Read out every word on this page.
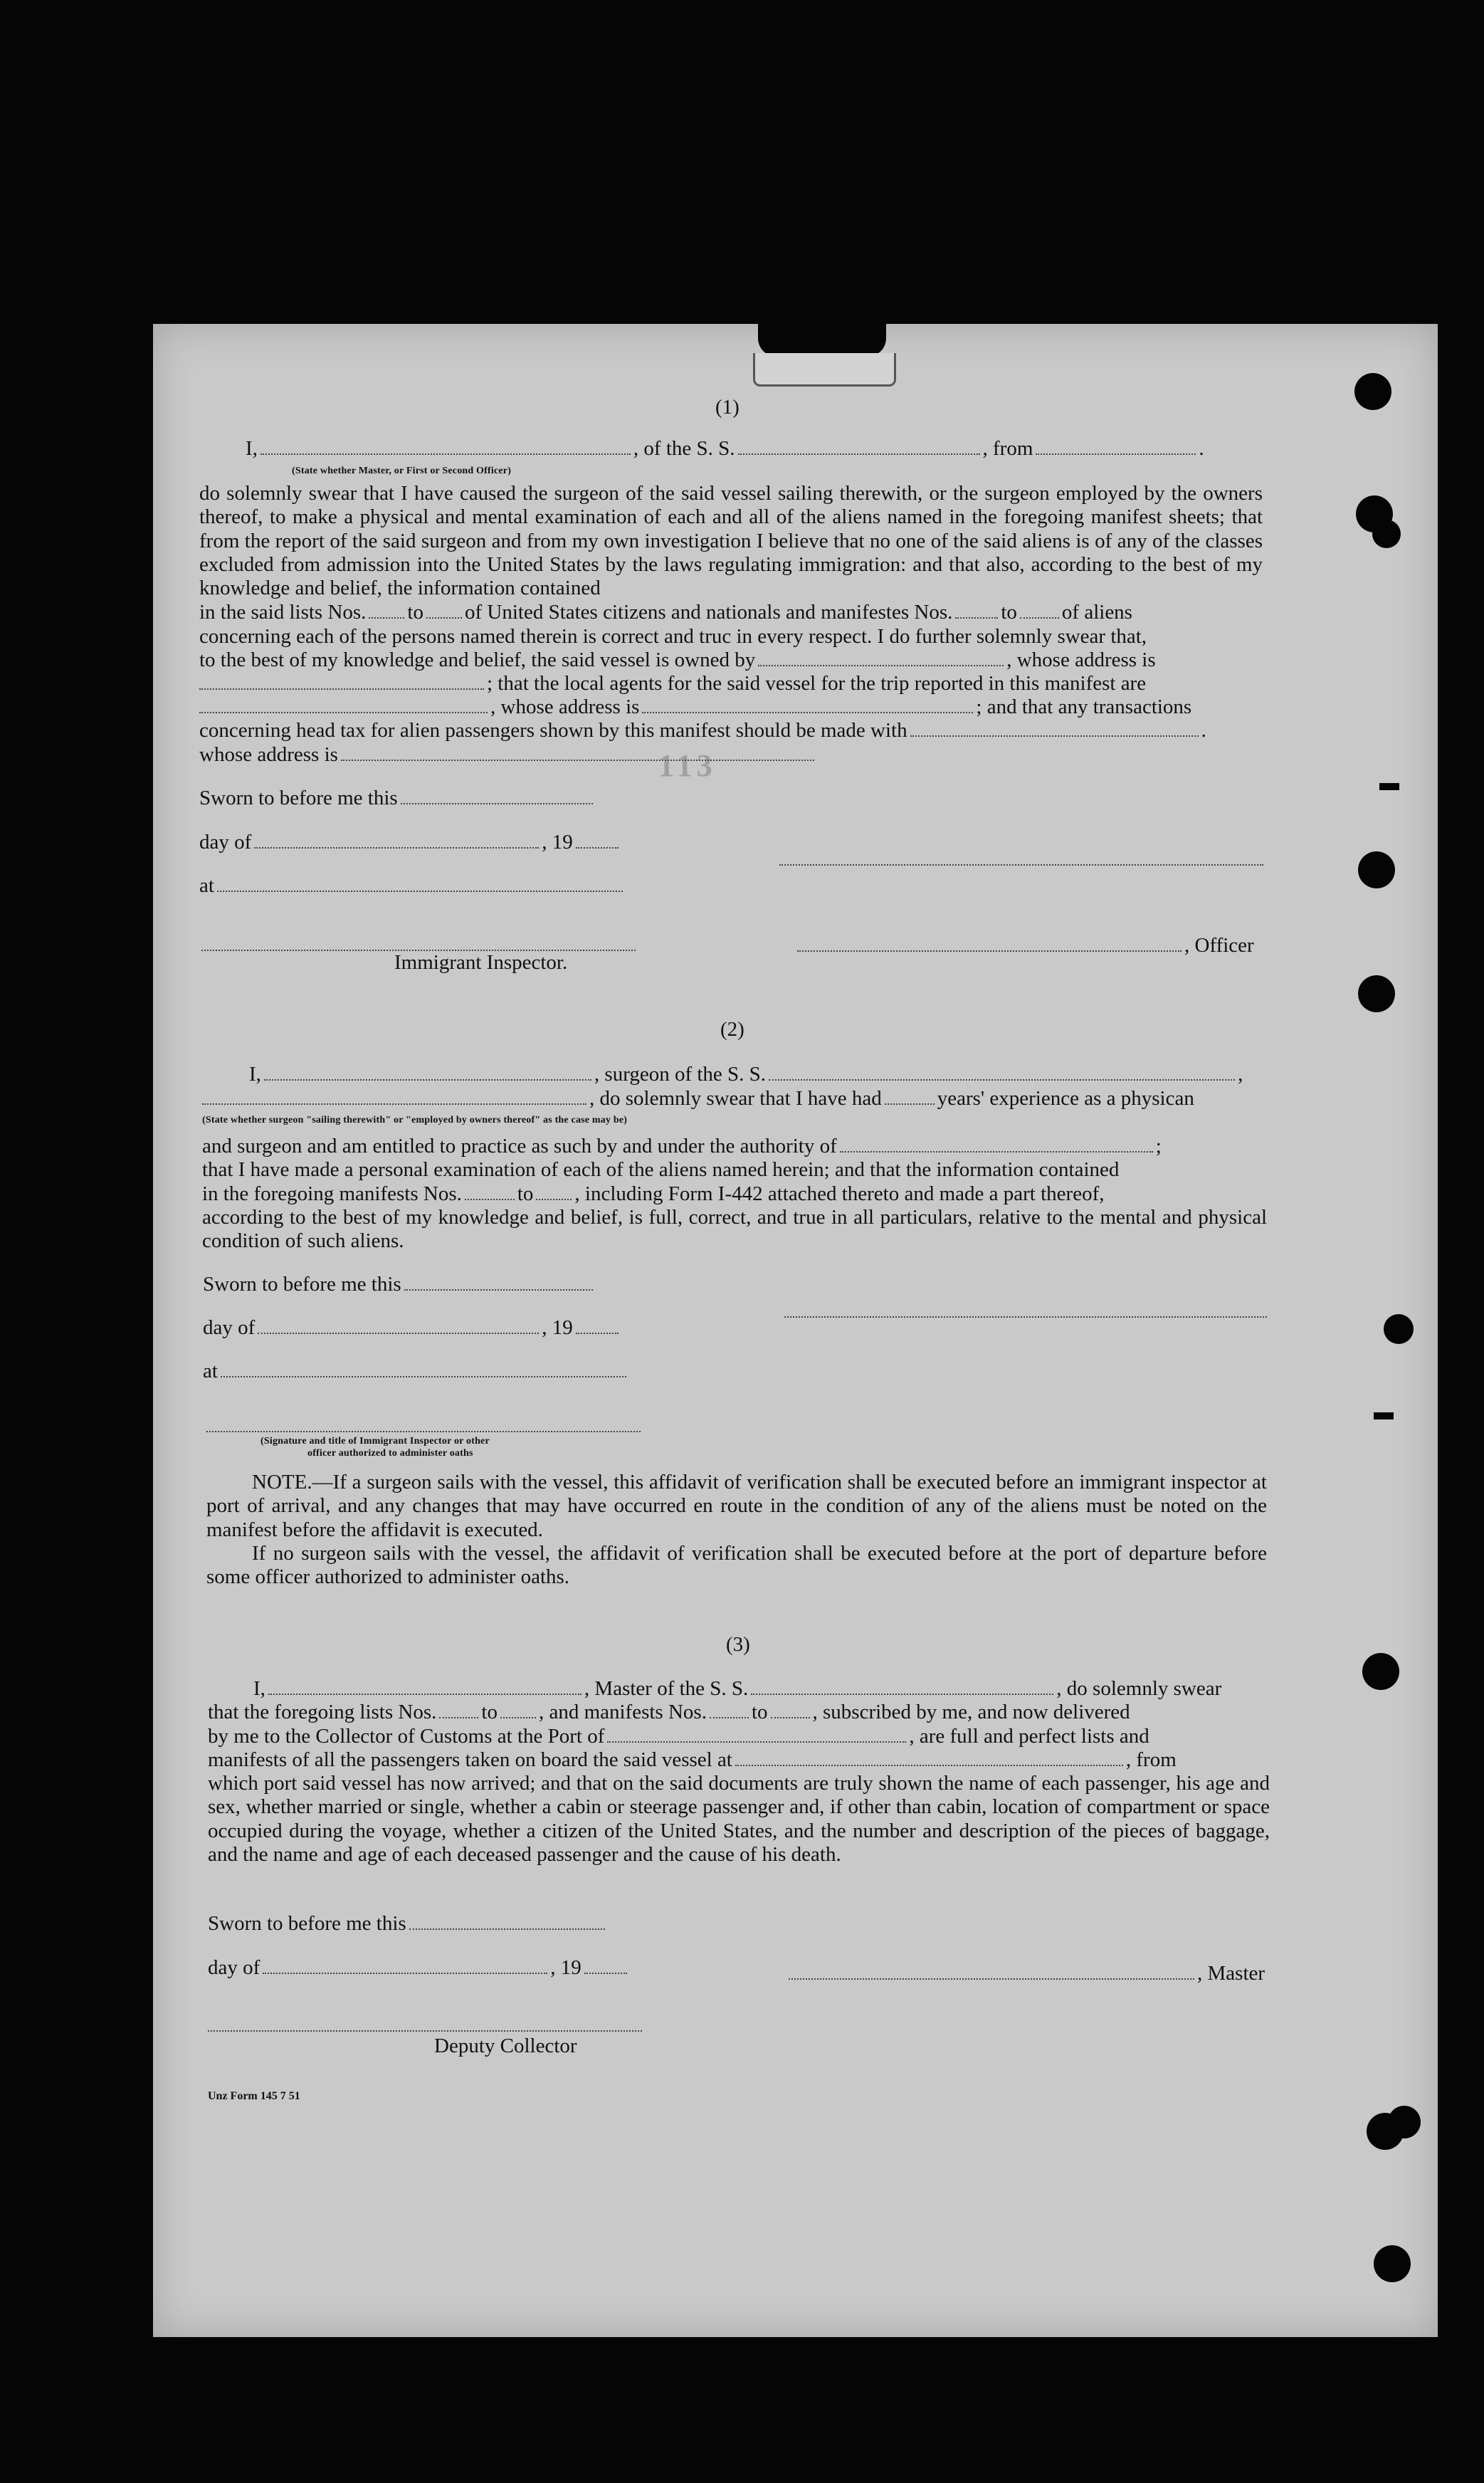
113
(1)
I,	, of the S. S.	, from	.
(State whether Master, or First or Second Officer)
do solemnly swear that I have caused the surgeon of the said vessel sailing therewith, or the surgeon employed by the owners thereof, to make a physical and mental examination of each and all of the aliens named in the foregoing manifest sheets; that from the report of the said surgeon and from my own investigation I believe that no one of the said aliens is of any of the classes excluded from admission into the United States by the laws regulating immigration: and that also, according to the best of my knowledge and belief, the information contained
in the said lists Nos. to of United States citizens and nationals and manifestes Nos. to of aliens
concerning each of the persons named therein is correct and truc in every respect. I do further solemnly swear that,
to the best of my knowledge and belief, the said vessel is owned by	, whose address is
; that the local agents for the said vessel for the trip reported in this manifest are
, whose address is	; and that any transactions
concerning head tax for alien passengers shown by this manifest should be made with	.
whose address is
Sworn to before me this
day of	, 19
at
, Officer
Immigrant Inspector.
(2)
I,	, surgeon of the S. S.	,
, do solemnly swear that I have had	years' experience as a physican
(State whether surgeon "sailing therewith" or "employed by owners thereof" as the case may be)
and surgeon and am entitled to practice as such by and under the authority of	;
that I have made a personal examination of each of the aliens named herein; and that the information contained
in the foregoing manifests Nos.	to , including Form I-442 attached thereto and made a part thereof,
according to the best of my knowledge and belief, is full, correct, and true in all particulars, relative to the mental and physical condition of such aliens.
Sworn to before me this
day of	, 19
at
(Signature and title of Immigrant Inspector or other
officer authorized to administer oaths
NOTE.—If a surgeon sails with the vessel, this affidavit of verification shall be executed before an immigrant inspector at port of arrival, and any changes that may have occurred en route in the condition of any of the aliens must be noted on the manifest before the affidavit is executed.
If no surgeon sails with the vessel, the affidavit of verification shall be executed before at the port of departure before some officer authorized to administer oaths.
(3)
I,	, Master of the S. S.	, do solemnly swear
that the foregoing lists Nos. to , and manifests Nos. to , subscribed by me, and now delivered
by me to the Collector of Customs at the Port of	, are full and perfect lists and
manifests of all the passengers taken on board the said vessel at	, from
which port said vessel has now arrived; and that on the said documents are truly shown the name of each passenger, his age and sex, whether married or single, whether a cabin or steerage passenger and, if other than cabin, location of compartment or space occupied during the voyage, whether a citizen of the United States, and the number and description of the pieces of baggage, and the name and age of each deceased passenger and the cause of his death.
Sworn to before me this
day of	, 19	, Master
Deputy Collector
Unz Form 145 7 51
